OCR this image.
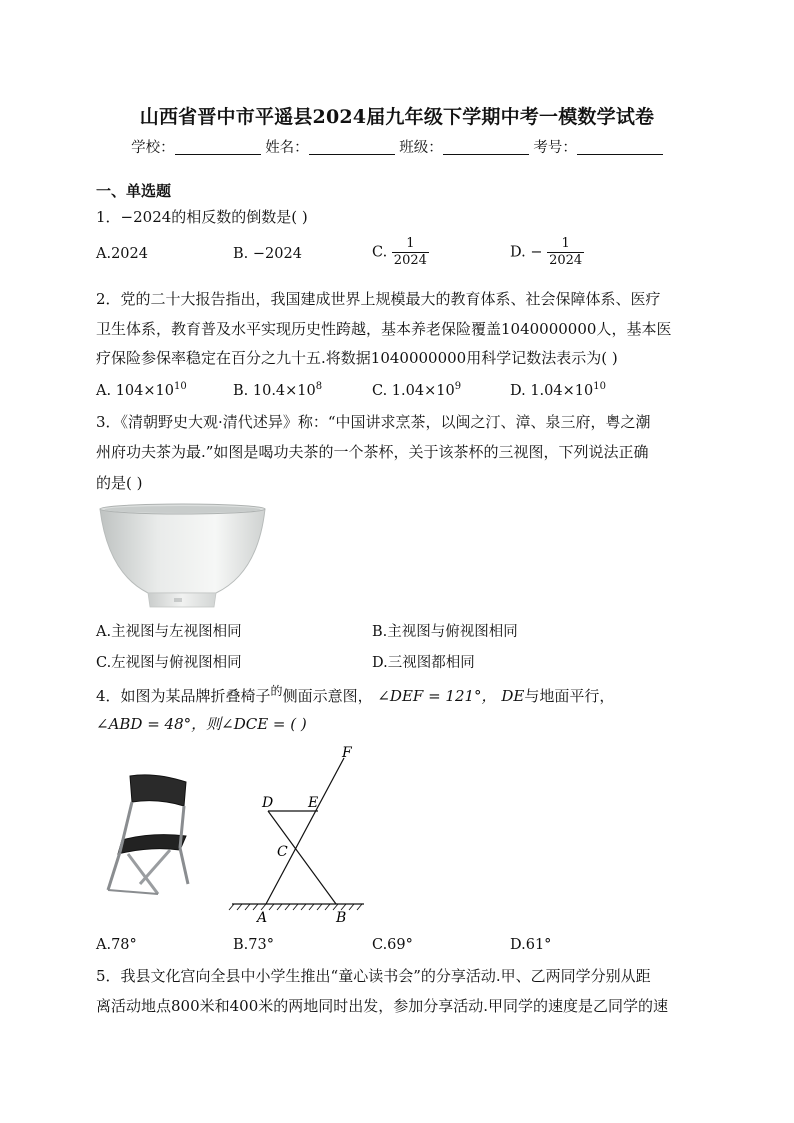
山西省晋中市平遥县2024届九年级下学期中考一模数学试卷
学校：	姓名：	班级：	考号：
一、单选题
1．−2024的相反数的倒数是( )
A.2024	B. −2024	C. $\frac{1}{2024}$	D. − $\frac{1}{2024}$
2．党的二十大报告指出，我国建成世界上规模最大的教育体系、社会保障体系、医疗
卫生体系，教育普及水平实现历史性跨越，基本养老保险覆盖1040000000人，基本医
疗保险参保率稳定在百分之九十五.将数据1040000000用科学记数法表示为( )
A. $104\times 10^{10}$	B. $10.4\times 10^8$	C. $1.04\times 10^9$	D. $1.04\times 10^{10}$
3．《清朝野史大观·清代述异》称：“中国讲求烹茶，以闽之汀、漳、泉三府，粤之潮
州府功夫茶为最.”如图是喝功夫茶的一个茶杯，关于该茶杯的三视图，下列说法正确
的是( )
A.主视图与左视图相同	B.主视图与俯视图相同
C.左视图与俯视图相同	D.三视图都相同
4．如图为某品牌折叠椅子$^的$侧面示意图， ∠DEF = 121°， DE与地面平行，
∠ABD = 48°，则∠DCE = ( )
F
D E
C
A	B
A.78°	B.73°	C.69°	D.61°
5．我县文化宫向全县中小学生推出“童心读书会”的分享活动.甲、乙两同学分别从距
离活动地点800米和400米的两地同时出发，参加分享活动.甲同学的速度是乙同学的速
